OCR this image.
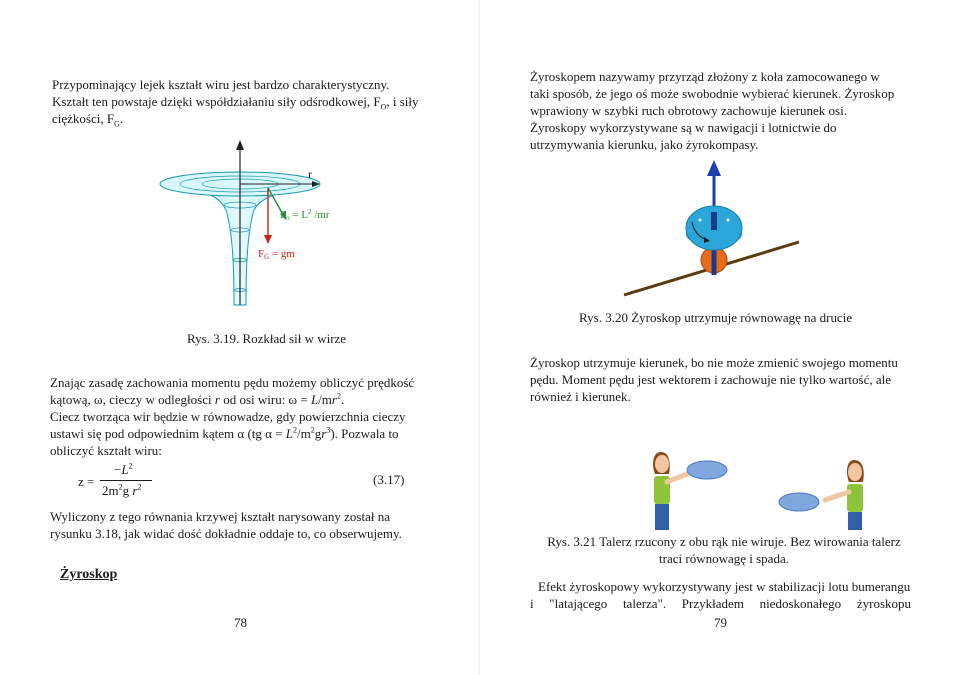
Przypominający lejek kształt wiru jest bardzo charakterystyczny.
Kształt ten powstaje dzięki współdziałaniu siły odśrodkowej, $F_O$, i siły
ciężkości, $F_G$.
r
$Fo = L^2$ /mr
FG = gm
Rys. 3.19. Rozkład sił w wirze
Znając zasadę zachowania momentu pędu możemy obliczyć prędkość
kątową, ω, cieczy w odległości r od osi wiru: $\omega = L/mr^2$.
Ciecz tworząca wir będzie w równowadze, gdy powierzchnia cieczy
ustawi się pod odpowiednim kątem α (tg $\alpha = L^2/m^2gr^3$). Pozwala to
obliczyć kształt wiru:
z =
$-L^2$
$2m^2g$ $r^2$
(3.17)
Wyliczony z tego równania krzywej kształt narysowany został na
rysunku 3.18, jak widać dość dokładnie oddaje to, co obserwujemy.
Żyroskop
78
Żyroskopem nazywamy przyrząd złożony z koła zamocowanego w
taki sposób, że jego oś może swobodnie wybierać kierunek. Żyroskop
wprawiony w szybki ruch obrotowy zachowuje kierunek osi.
Żyroskopy wykorzystywane są w nawigacji i lotnictwie do
utrzymywania kierunku, jako żyrokompasy.
Rys. 3.20 Żyroskop utrzymuje równowagę na drucie
Żyroskop utrzymuje kierunek, bo nie może zmienić swojego momentu
pędu. Moment pędu jest wektorem i zachowuje nie tylko wartość, ale
również i kierunek.
Rys. 3.21 Talerz rzucony z obu rąk nie wiruje. Bez wirowania talerz
traci równowagę i spada.
Efekt żyroskopowy wykorzystywany jest w stabilizacji lotu bumerangu
i "latającego talerza". Przykładem niedoskonałego żyroskopu
79
